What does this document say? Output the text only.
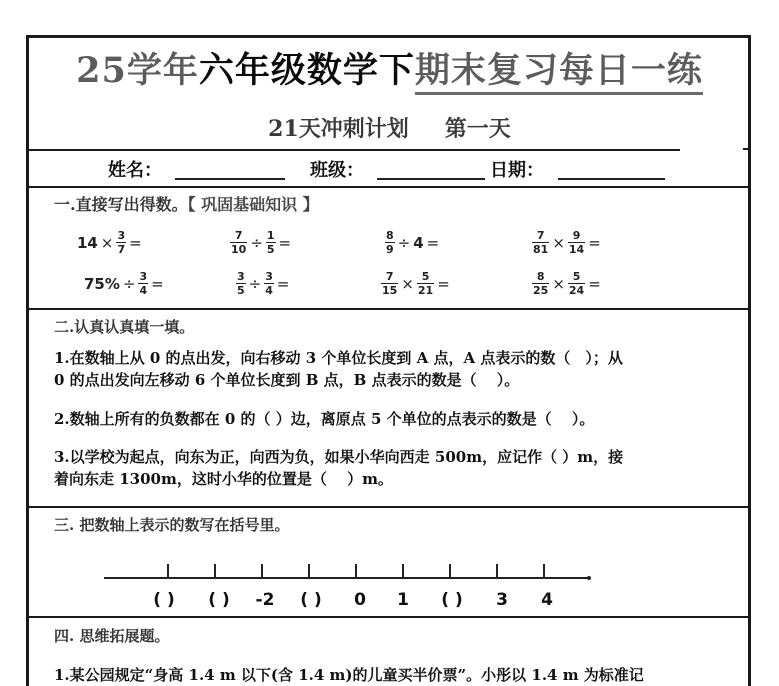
25学年六年级数学下期末复习每日一练
21天冲刺计划 第一天
姓名：	班级：	日期：
一.直接写出得数。【 巩固基础知识 】
$14 \times \frac{3}{7}$ =	$\frac{7}{10} \div \frac{1}{5}$ =	$\frac{8}{9} \div 4$ =	$\frac{7}{81} \times \frac{9}{14}$ =
$75\% \div \frac{3}{4}$ =	$\frac{3}{5} \div \frac{3}{4}$ =	$\frac{7}{15} \times \frac{5}{21}$ =	$\frac{8}{25} \times \frac{5}{24}$ =
二.认真认真填一填。
1.在数轴上从 0 的点出发，向右移动 3 个单位长度到 A 点，A 点表示的数（　）；从
0 的点出发向左移动 6 个单位长度到 B 点，B 点表示的数是（　 ）。
2.数轴上所有的负数都在 0 的（ ）边，离原点 5 个单位的点表示的数是（　 ）。
3.以学校为起点，向东为正，向西为负，如果小华向西走 500m，应记作（ ）m，接
着向东走 1300m，这时小华的位置是（　 ）m。
三. 把数轴上表示的数写在括号里。
( )	( )	-2	( )	0	1	( )	3	4
四. 思维拓展题。
1.某公园规定“身高 1.4 m 以下(含 1.4 m)的儿童买半价票”。小彤以 1.4 m 为标准记
